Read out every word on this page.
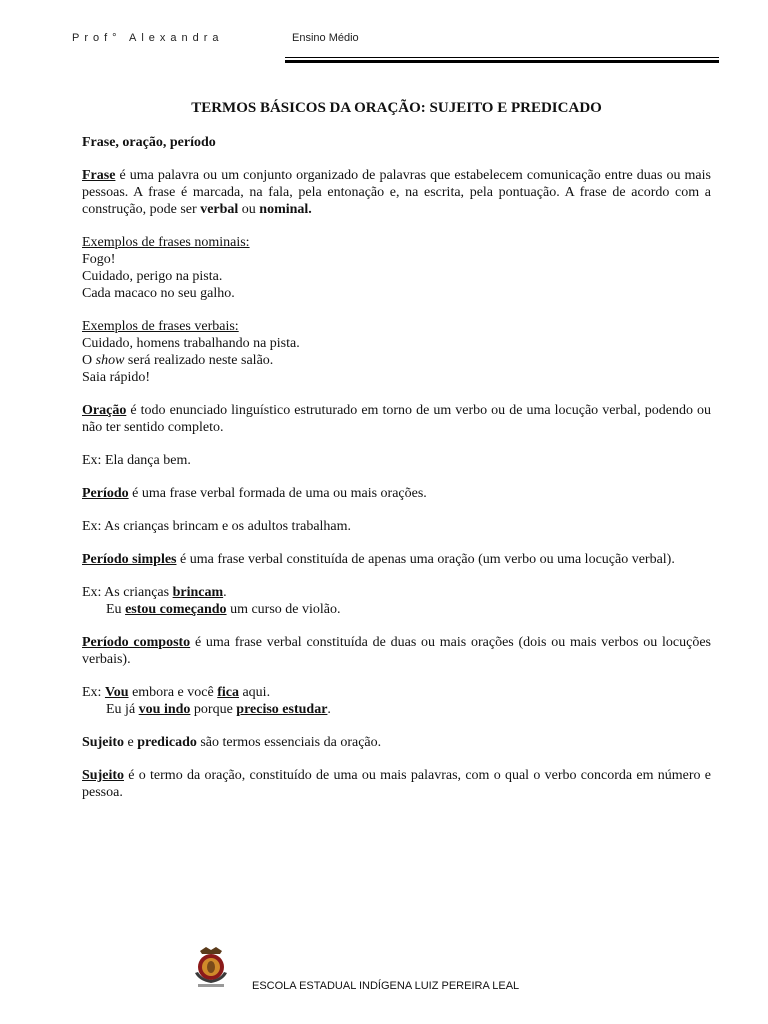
Prof° Alexandra	Ensino Médio
TERMOS BÁSICOS DA ORAÇÃO: SUJEITO E PREDICADO

Frase, oração, período

Frase é uma palavra ou um conjunto organizado de palavras que estabelecem comunicação entre duas ou mais pessoas. A frase é marcada, na fala, pela entonação e, na escrita, pela pontuação. A frase de acordo com a construção, pode ser verbal ou nominal.

Exemplos de frases nominais:

Fogo!

Cuidado, perigo na pista.

Cada macaco no seu galho.

Exemplos de frases verbais:

Cuidado, homens trabalhando na pista.

O show será realizado neste salão.

Saia rápido!

Oração é todo enunciado linguístico estruturado em torno de um verbo ou de uma locução verbal, podendo ou não ter sentido completo.

Ex: Ela dança bem.

Período é uma frase verbal formada de uma ou mais orações.

Ex: As crianças brincam e os adultos trabalham.

Período simples é uma frase verbal constituída de apenas uma oração (um verbo ou uma locução verbal).

Ex: As crianças brincam.

Eu estou começando um curso de violão.

Período composto é uma frase verbal constituída de duas ou mais orações (dois ou mais verbos ou locuções verbais).

Ex: Vou embora e você fica aqui.

Eu já vou indo porque preciso estudar.

Sujeito e predicado são termos essenciais da oração.

Sujeito é o termo da oração, constituído de uma ou mais palavras, com o qual o verbo concorda em número e pessoa.

ESCOLA ESTADUAL INDÍGENA LUIZ PEREIRA LEAL
